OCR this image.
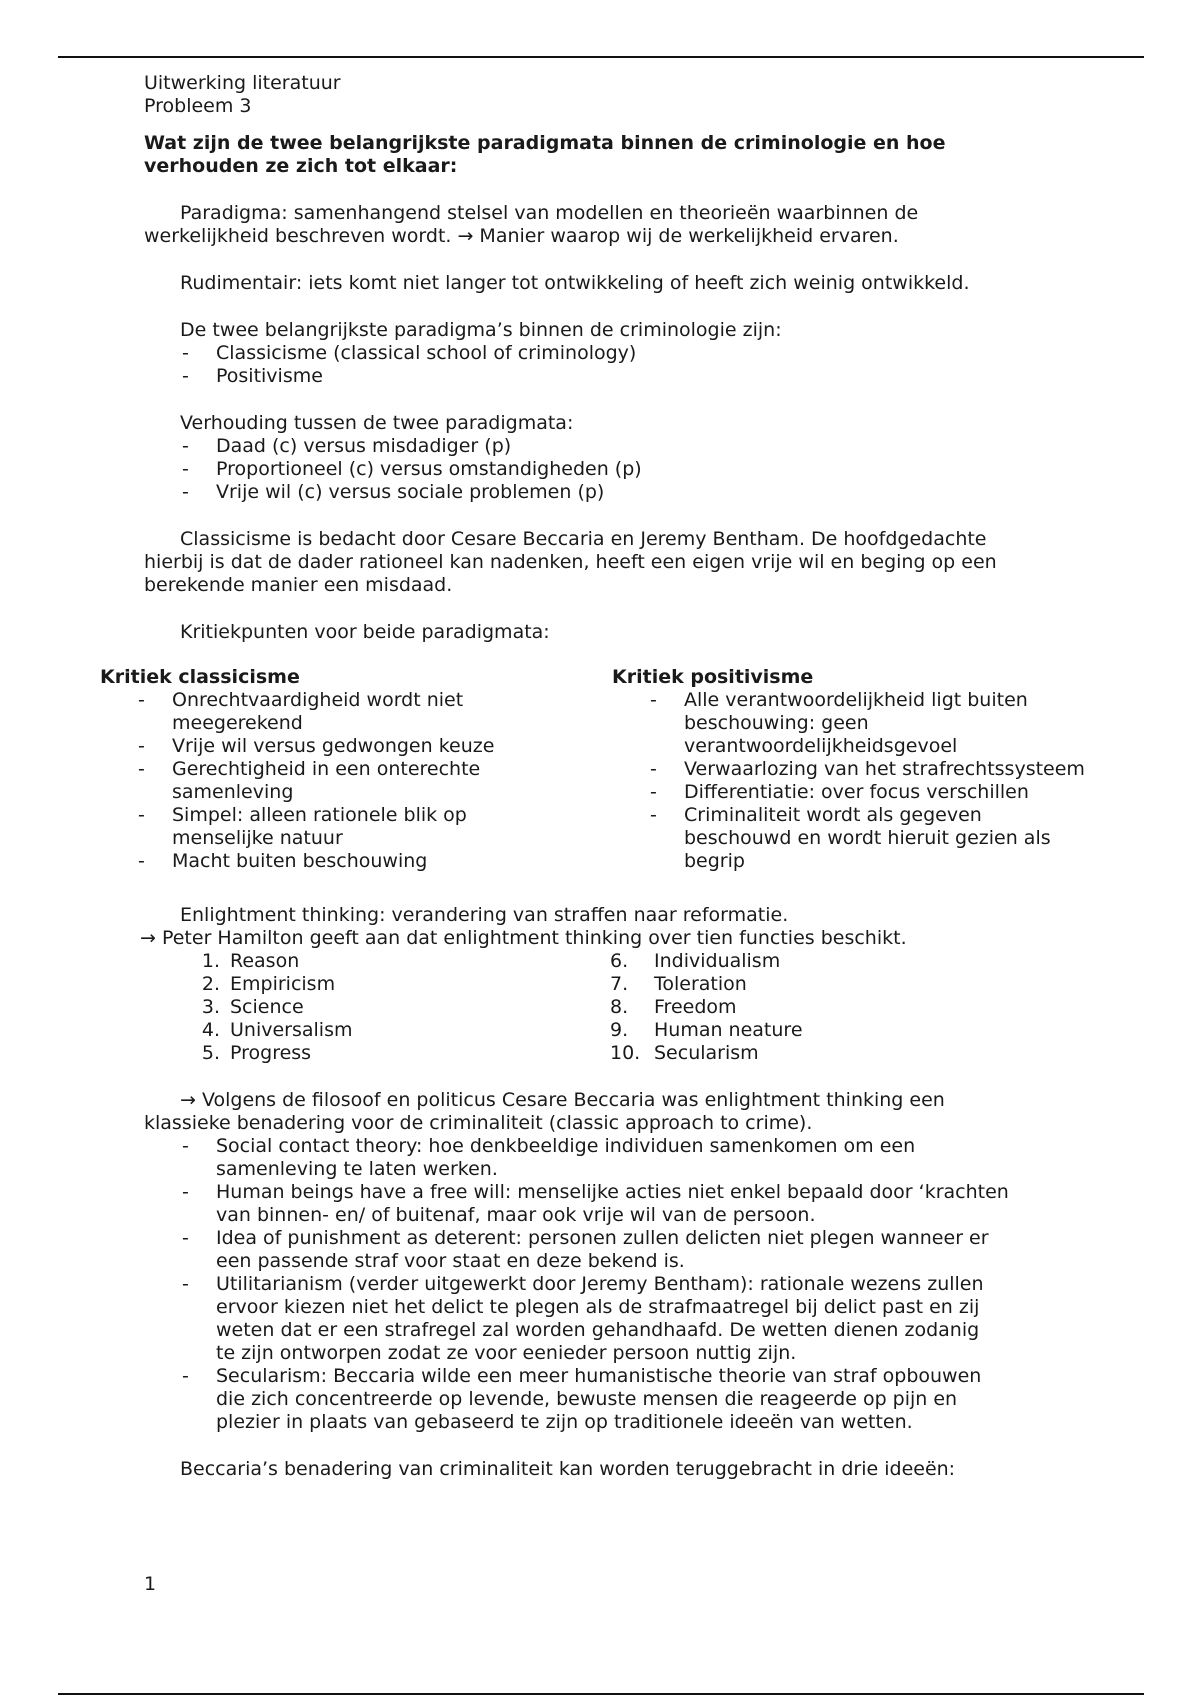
Uitwerking literatuur

Probleem 3

Wat zijn de twee belangrijkste paradigmata binnen de criminologie en hoe
verhouden ze zich tot elkaar:
Paradigma: samenhangend stelsel van modellen en theorieën waarbinnen de
werkelijkheid beschreven wordt. → Manier waarop wij de werkelijkheid ervaren.
Rudimentair: iets komt niet langer tot ontwikkeling of heeft zich weinig ontwikkeld.
De twee belangrijkste paradigma’s binnen de criminologie zijn:
- Classicisme (classical school of criminology)
- Positivisme
Verhouding tussen de twee paradigmata:
- Daad (c) versus misdadiger (p)
- Proportioneel (c) versus omstandigheden (p)
- Vrije wil (c) versus sociale problemen (p)
Classicisme is bedacht door Cesare Beccaria en Jeremy Bentham. De hoofdgedachte
hierbij is dat de dader rationeel kan nadenken, heeft een eigen vrije wil en beging op een
berekende manier een misdaad.
Kritiekpunten voor beide paradigmata:

Kritiek classicisme

- Onrechtvaardigheid wordt niet meegerekend
- Vrije wil versus gedwongen keuze
- Gerechtigheid in een onterechte samenleving
- Simpel: alleen rationele blik op menselijke natuur
- Macht buiten beschouwing

Kritiek positivisme

- Alle verantwoordelijkheid ligt buiten beschouwing: geen verantwoordelijkheidsgevoel
- Verwaarlozing van het strafrechtssysteem
- Differentiatie: over focus verschillen
- Criminaliteit wordt als gegeven beschouwd en wordt hieruit gezien als begrip
Enlightment thinking: verandering van straffen naar reformatie.
→ Peter Hamilton geeft aan dat enlightment thinking over tien functies beschikt.
1. Reason
2. Empiricism
3. Science
4. Universalism
5. Progress
6.	Individualism
7.	Toleration
8.	Freedom
9.	Human neature
10. Secularism
→ Volgens de filosoof en politicus Cesare Beccaria was enlightment thinking een
klassieke benadering voor de criminaliteit (classic approach to crime).
- Social contact theory: hoe denkbeeldige individuen samenkomen om een
samenleving te laten werken.
- Human beings have a free will: menselijke acties niet enkel bepaald door ‘krachten
van binnen- en/ of buitenaf, maar ook vrije wil van de persoon.
- Idea of punishment as deterent: personen zullen delicten niet plegen wanneer er
een passende straf voor staat en deze bekend is.
- Utilitarianism (verder uitgewerkt door Jeremy Bentham): rationale wezens zullen
ervoor kiezen niet het delict te plegen als de strafmaatregel bij delict past en zij
weten dat er een strafregel zal worden gehandhaafd. De wetten dienen zodanig
te zijn ontworpen zodat ze voor eenieder persoon nuttig zijn.
- Secularism: Beccaria wilde een meer humanistische theorie van straf opbouwen
die zich concentreerde op levende, bewuste mensen die reageerde op pijn en
plezier in plaats van gebaseerd te zijn op traditionele ideeën van wetten.
Beccaria’s benadering van criminaliteit kan worden teruggebracht in drie ideeën:

1
